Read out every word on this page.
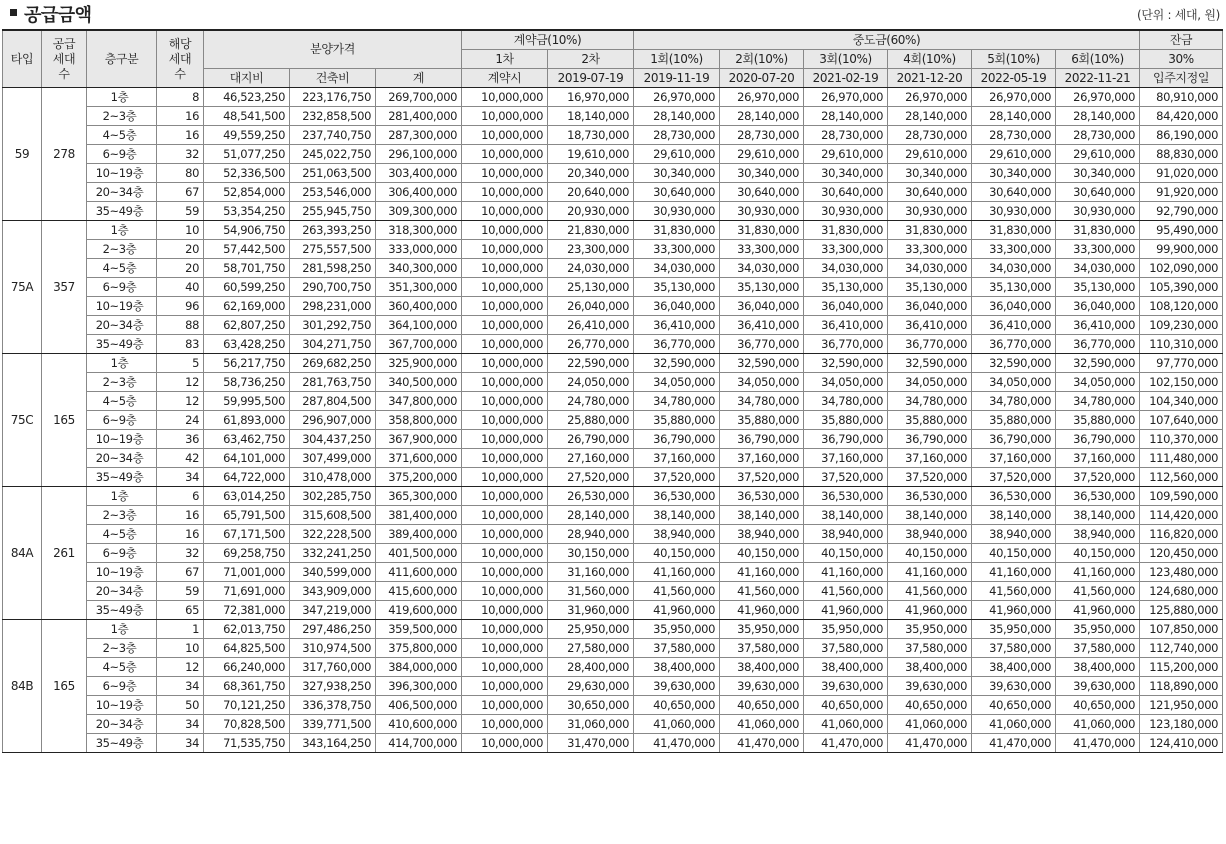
공급금액	(단위 : 세대, 원)
타입	공급세대수	층구분	해당세대수	분양가격			계약금(10%)		중도금(60%)						잔금
							1차	2차	1회(10%)	2회(10%)	3회(10%)	4회(10%)	5회(10%)	6회(10%)	30%
				대지비	건축비	계	계약시	2019-07-19	2019-11-19	2020-07-20	2021-02-19	2021-12-20	2022-05-19	2022-11-21	입주지정일
59	278	1층	8	46,523,250	223,176,750	269,700,000	10,000,000	16,970,000	26,970,000	26,970,000	26,970,000	26,970,000	26,970,000	26,970,000	80,910,000
		2~3층	16	48,541,500	232,858,500	281,400,000	10,000,000	18,140,000	28,140,000	28,140,000	28,140,000	28,140,000	28,140,000	28,140,000	84,420,000
		4~5층	16	49,559,250	237,740,750	287,300,000	10,000,000	18,730,000	28,730,000	28,730,000	28,730,000	28,730,000	28,730,000	28,730,000	86,190,000
		6~9층	32	51,077,250	245,022,750	296,100,000	10,000,000	19,610,000	29,610,000	29,610,000	29,610,000	29,610,000	29,610,000	29,610,000	88,830,000
		10~19층	80	52,336,500	251,063,500	303,400,000	10,000,000	20,340,000	30,340,000	30,340,000	30,340,000	30,340,000	30,340,000	30,340,000	91,020,000
		20~34층	67	52,854,000	253,546,000	306,400,000	10,000,000	20,640,000	30,640,000	30,640,000	30,640,000	30,640,000	30,640,000	30,640,000	91,920,000
		35~49층	59	53,354,250	255,945,750	309,300,000	10,000,000	20,930,000	30,930,000	30,930,000	30,930,000	30,930,000	30,930,000	30,930,000	92,790,000
75A	357	1층	10	54,906,750	263,393,250	318,300,000	10,000,000	21,830,000	31,830,000	31,830,000	31,830,000	31,830,000	31,830,000	31,830,000	95,490,000
		2~3층	20	57,442,500	275,557,500	333,000,000	10,000,000	23,300,000	33,300,000	33,300,000	33,300,000	33,300,000	33,300,000	33,300,000	99,900,000
		4~5층	20	58,701,750	281,598,250	340,300,000	10,000,000	24,030,000	34,030,000	34,030,000	34,030,000	34,030,000	34,030,000	34,030,000	102,090,000
		6~9층	40	60,599,250	290,700,750	351,300,000	10,000,000	25,130,000	35,130,000	35,130,000	35,130,000	35,130,000	35,130,000	35,130,000	105,390,000
		10~19층	96	62,169,000	298,231,000	360,400,000	10,000,000	26,040,000	36,040,000	36,040,000	36,040,000	36,040,000	36,040,000	36,040,000	108,120,000
		20~34층	88	62,807,250	301,292,750	364,100,000	10,000,000	26,410,000	36,410,000	36,410,000	36,410,000	36,410,000	36,410,000	36,410,000	109,230,000
		35~49층	83	63,428,250	304,271,750	367,700,000	10,000,000	26,770,000	36,770,000	36,770,000	36,770,000	36,770,000	36,770,000	36,770,000	110,310,000
75C	165	1층	5	56,217,750	269,682,250	325,900,000	10,000,000	22,590,000	32,590,000	32,590,000	32,590,000	32,590,000	32,590,000	32,590,000	97,770,000
		2~3층	12	58,736,250	281,763,750	340,500,000	10,000,000	24,050,000	34,050,000	34,050,000	34,050,000	34,050,000	34,050,000	34,050,000	102,150,000
		4~5층	12	59,995,500	287,804,500	347,800,000	10,000,000	24,780,000	34,780,000	34,780,000	34,780,000	34,780,000	34,780,000	34,780,000	104,340,000
		6~9층	24	61,893,000	296,907,000	358,800,000	10,000,000	25,880,000	35,880,000	35,880,000	35,880,000	35,880,000	35,880,000	35,880,000	107,640,000
		10~19층	36	63,462,750	304,437,250	367,900,000	10,000,000	26,790,000	36,790,000	36,790,000	36,790,000	36,790,000	36,790,000	36,790,000	110,370,000
		20~34층	42	64,101,000	307,499,000	371,600,000	10,000,000	27,160,000	37,160,000	37,160,000	37,160,000	37,160,000	37,160,000	37,160,000	111,480,000
		35~49층	34	64,722,000	310,478,000	375,200,000	10,000,000	27,520,000	37,520,000	37,520,000	37,520,000	37,520,000	37,520,000	37,520,000	112,560,000
84A	261	1층	6	63,014,250	302,285,750	365,300,000	10,000,000	26,530,000	36,530,000	36,530,000	36,530,000	36,530,000	36,530,000	36,530,000	109,590,000
		2~3층	16	65,791,500	315,608,500	381,400,000	10,000,000	28,140,000	38,140,000	38,140,000	38,140,000	38,140,000	38,140,000	38,140,000	114,420,000
		4~5층	16	67,171,500	322,228,500	389,400,000	10,000,000	28,940,000	38,940,000	38,940,000	38,940,000	38,940,000	38,940,000	38,940,000	116,820,000
		6~9층	32	69,258,750	332,241,250	401,500,000	10,000,000	30,150,000	40,150,000	40,150,000	40,150,000	40,150,000	40,150,000	40,150,000	120,450,000
		10~19층	67	71,001,000	340,599,000	411,600,000	10,000,000	31,160,000	41,160,000	41,160,000	41,160,000	41,160,000	41,160,000	41,160,000	123,480,000
		20~34층	59	71,691,000	343,909,000	415,600,000	10,000,000	31,560,000	41,560,000	41,560,000	41,560,000	41,560,000	41,560,000	41,560,000	124,680,000
		35~49층	65	72,381,000	347,219,000	419,600,000	10,000,000	31,960,000	41,960,000	41,960,000	41,960,000	41,960,000	41,960,000	41,960,000	125,880,000
84B	165	1층	1	62,013,750	297,486,250	359,500,000	10,000,000	25,950,000	35,950,000	35,950,000	35,950,000	35,950,000	35,950,000	35,950,000	107,850,000
		2~3층	10	64,825,500	310,974,500	375,800,000	10,000,000	27,580,000	37,580,000	37,580,000	37,580,000	37,580,000	37,580,000	37,580,000	112,740,000
		4~5층	12	66,240,000	317,760,000	384,000,000	10,000,000	28,400,000	38,400,000	38,400,000	38,400,000	38,400,000	38,400,000	38,400,000	115,200,000
		6~9층	34	68,361,750	327,938,250	396,300,000	10,000,000	29,630,000	39,630,000	39,630,000	39,630,000	39,630,000	39,630,000	39,630,000	118,890,000
		10~19층	50	70,121,250	336,378,750	406,500,000	10,000,000	30,650,000	40,650,000	40,650,000	40,650,000	40,650,000	40,650,000	40,650,000	121,950,000
		20~34층	34	70,828,500	339,771,500	410,600,000	10,000,000	31,060,000	41,060,000	41,060,000	41,060,000	41,060,000	41,060,000	41,060,000	123,180,000
		35~49층	34	71,535,750	343,164,250	414,700,000	10,000,000	31,470,000	41,470,000	41,470,000	41,470,000	41,470,000	41,470,000	41,470,000	124,410,000
